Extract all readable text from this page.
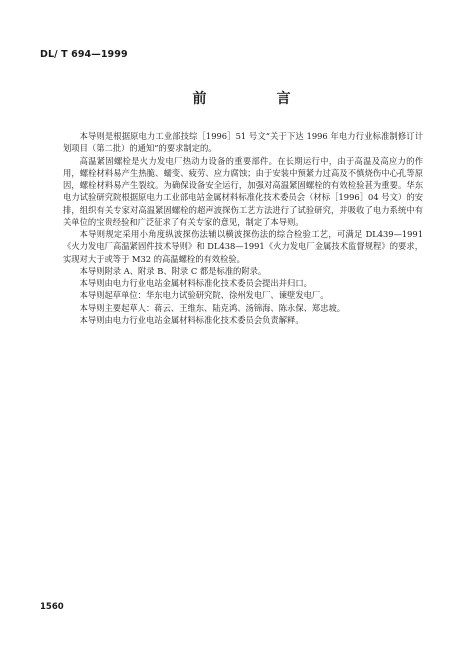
DL/ T 694—1999
前　言

本导则是根据原电力工业部技综［1996］51 号文“关于下达 1996 年电力行业标准制修订计划项目（第二批）的通知”的要求制定的。

高温紧固螺栓是火力发电厂热动力设备的重要部件。在长期运行中，由于高温及高应力的作用，螺栓材料易产生热脆、蠕变、疲劳、应力腐蚀；由于安装中预紧力过高及不慎烧伤中心孔等原因，螺栓材料易产生裂纹。为确保设备安全运行，加强对高温紧固螺栓的有效检验甚为重要。华东电力试验研究院根据原电力工业部电站金属材料标准化技术委员会（材标［1996］04 号文）的安排，组织有关专家对高温紧固螺栓的超声波探伤工艺方法进行了试验研究，并吸收了电力系统中有关单位的宝贵经验和广泛征求了有关专家的意见，制定了本导则。

本导则规定采用小角度纵波探伤法辅以横波探伤法的综合检验工艺，可满足 DL439—1991《火力发电厂高温紧固件技术导则》和 DL438—1991《火力发电厂金属技术监督规程》的要求，实现对大于或等于 M32 的高温螺栓的有效检验。

本导则附录 A、附录 B、附录 C 都是标准的附录。

本导则由电力行业电站金属材料标准化技术委员会提出并归口。

本导则起草单位：华东电力试验研究院、徐州发电厂、谏壁发电厂。

本导则主要起草人：蒋云、王维东、陆克鸿、汤锦海、陈永保、郑忠坡。

本导则由电力行业电站金属材料标准化技术委员会负责解释。

1560
